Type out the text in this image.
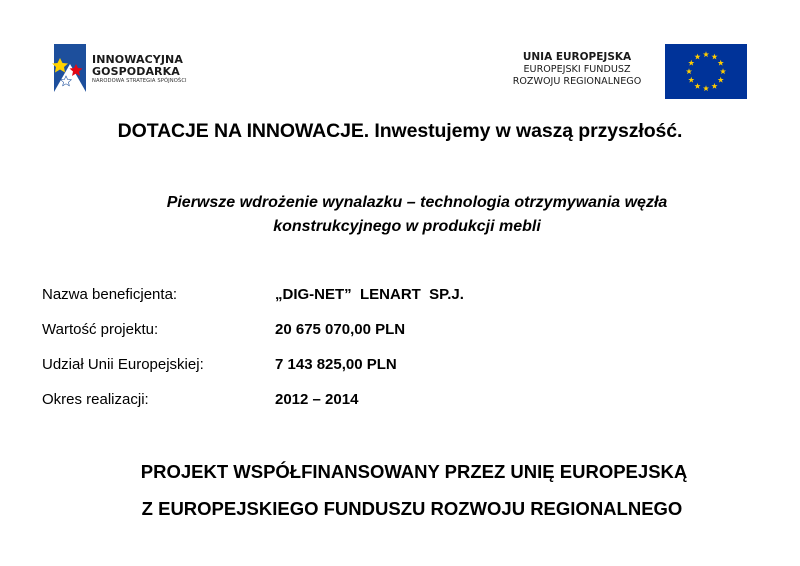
INNOWACYJNA
GOSPODARKA
NARODOWA STRATEGIA SPÓJNOŚCI
UNIA EUROPEJSKA
EUROPEJSKI FUNDUSZ
ROZWOJU REGIONALNEGO
DOTACJE NA INNOWACJE. Inwestujemy w waszą przyszłość.

Pierwsze wdrożenie wynalazku – technologia otrzymywania węzła
konstrukcyjnego w produkcji mebli

Nazwa beneficjenta:	„DIG-NET”  LENART  SP.J.
Wartość projektu:	20 675 070,00 PLN
Udział Unii Europejskiej:	7 143 825,00 PLN
Okres realizacji:	2012 – 2014

PROJEKT WSPÓŁFINANSOWANY PRZEZ UNIĘ EUROPEJSKĄ
Z EUROPEJSKIEGO FUNDUSZU ROZWOJU REGIONALNEGO
